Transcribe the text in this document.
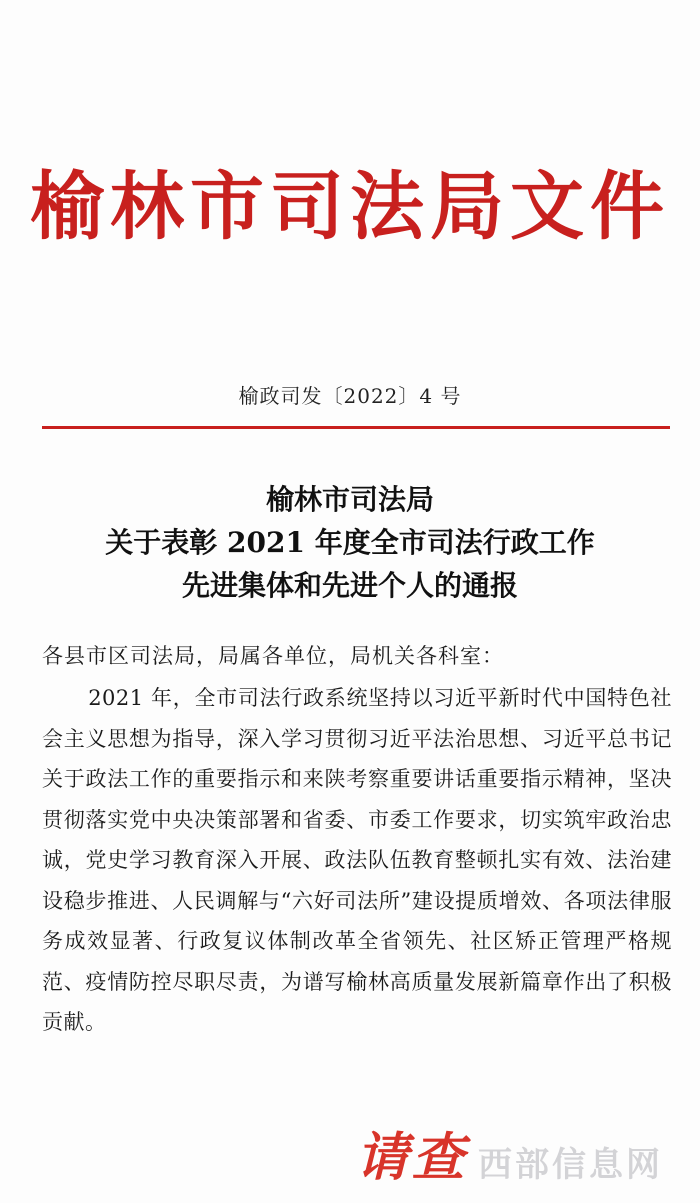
榆林市司法局文件
榆政司发〔2022〕4 号
榆林市司法局
关于表彰 2021 年度全市司法行政工作
先进集体和先进个人的通报
各县市区司法局，局属各单位，局机关各科室：
2021 年，全市司法行政系统坚持以习近平新时代中国特色社会主义思想为指导，深入学习贯彻习近平法治思想、习近平总书记关于政法工作的重要指示和来陕考察重要讲话重要指示精神，坚决贯彻落实党中央决策部署和省委、市委工作要求，切实筑牢政治忠诚，党史学习教育深入开展、政法队伍教育整顿扎实有效、法治建设稳步推进、人民调解与“六好司法所”建设提质增效、各项法律服务成效显著、行政复议体制改革全省领先、社区矫正管理严格规范、疫情防控尽职尽责，为谱写榆林高质量发展新篇章作出了积极贡献。
请查 西部信息网
